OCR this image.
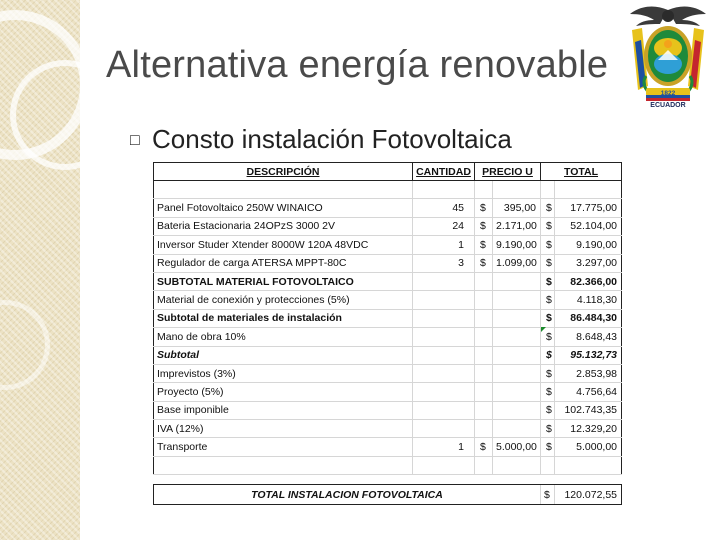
Alternativa energía renovable
1822
ECUADOR
□ Consto instalación Fotovoltaica
DESCRIPCIÓN	CANTIDAD	PRECIO U		TOTAL	

Panel Fotovoltaico 250W WINAICO	45	$	395,00	$	17.775,00
Bateria Estacionaria 24OPzS 3000 2V	24	$	2.171,00	$	52.104,00
Inversor Studer Xtender 8000W 120A 48VDC	1	$	9.190,00	$	9.190,00
Regulador de carga ATERSA MPPT-80C	3	$	1.099,00	$	3.297,00
SUBTOTAL MATERIAL FOTOVOLTAICO				$	82.366,00
Material de conexión y protecciones (5%)				$	4.118,30
Subtotal de materiales de instalación				$	86.484,30
Mano de obra 10%				$	8.648,43
Subtotal				$	95.132,73
Imprevistos (3%)				$	2.853,98
Proyecto (5%)				$	4.756,64
Base imponible				$	102.743,35
IVA (12%)				$	12.329,20
Transporte	1	$	5.000,00	$	5.000,00

TOTAL INSTALACION FOTOVOLTAICA				$	120.072,55
